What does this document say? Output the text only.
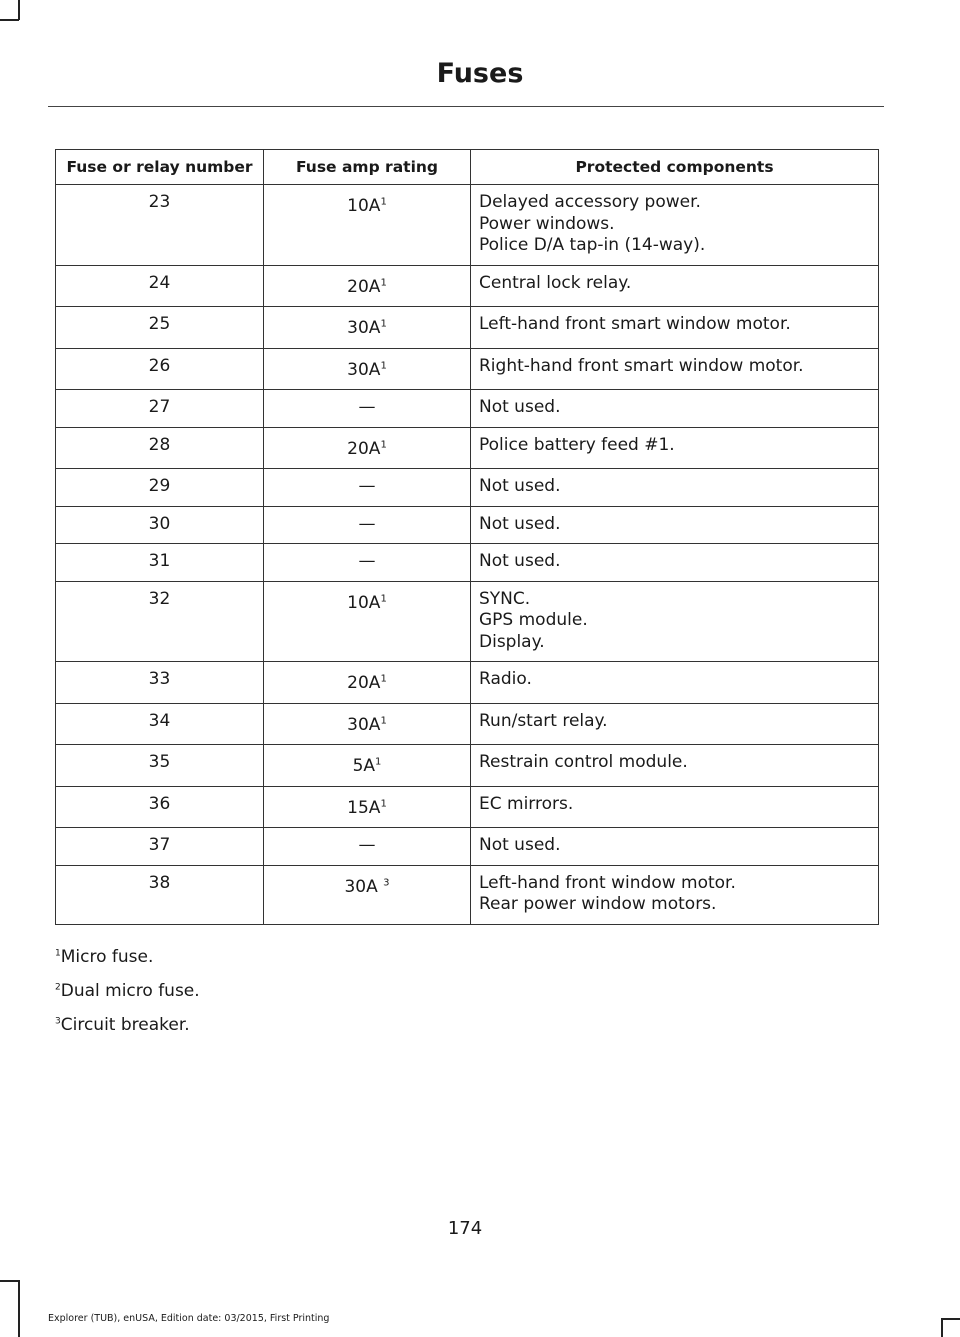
Fuses
Fuse or relay number	Fuse amp rating	Protected components
23	$10A^1$	Delayed accessory power.
Power windows.
Police D/A tap-in (14-way).

24	$20A^1$	Central lock relay.

25	$30A^1$	Left-hand front smart window motor.

26	$30A^1$	Right-hand front smart window motor.

27	—	Not used.

28	$20A^1$	Police battery feed #1.

29	—	Not used.

30	—	Not used.

31	—	Not used.

32	$10A^1$	SYNC.
GPS module.
Display.

33	$20A^1$	Radio.

34	$30A^1$	Run/start relay.

35	$5A^1$	Restrain control module.

36	$15A^1$	EC mirrors.

37	—	Not used.

38	30A $^3$	Left-hand front window motor.
Rear power window motors.
$^1$Micro fuse.
$^2$Dual micro fuse.
$^3$Circuit breaker.
174
Explorer (TUB), enUSA, Edition date: 03/2015, First Printing
